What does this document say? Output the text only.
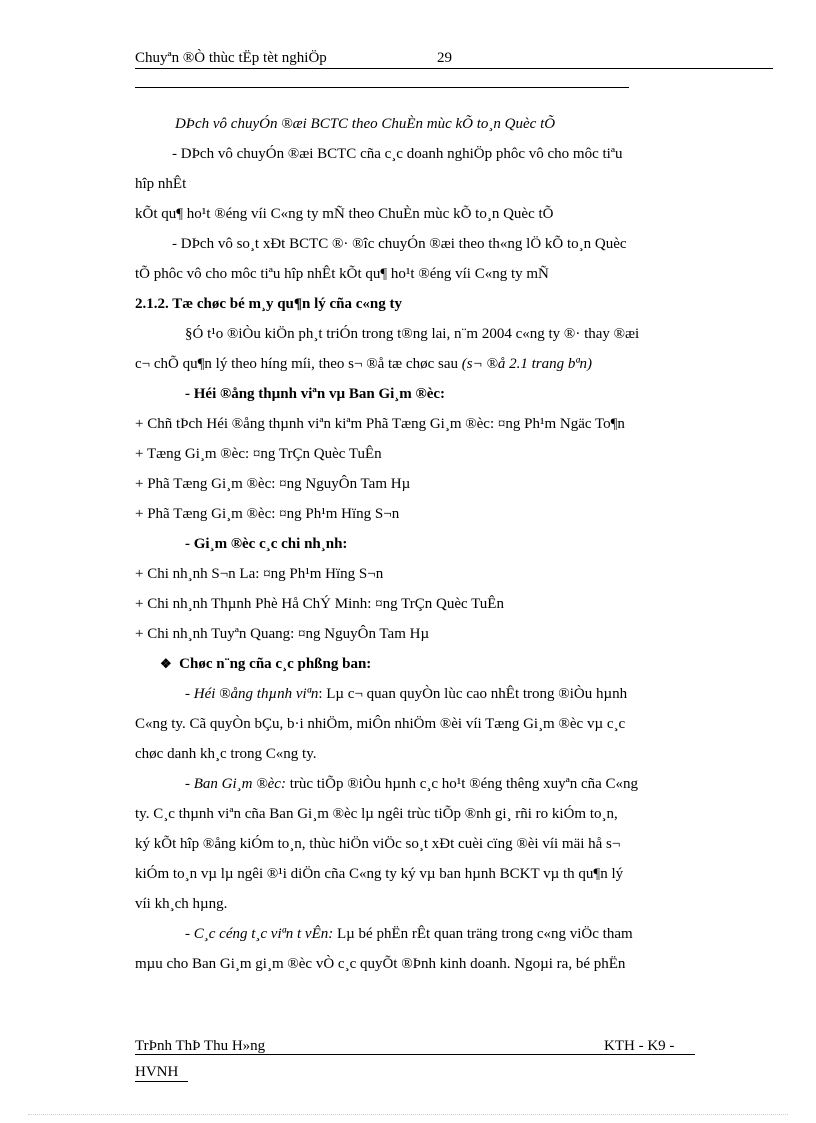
Chuyªn ®Ò thùc tËp tèt nghiÖp	29
DÞch vô chuyÓn ®æi BCTC theo ChuÈn mùc kÕ to¸n Quèc tÕ
- DÞch vô chuyÓn ®æi BCTC cña c¸c doanh nghiÖp phôc vô cho môc tiªu
hîp nhÊt
kÕt qu¶ ho¹t ®éng víi C«ng ty mÑ theo ChuÈn mùc kÕ to¸n Quèc tÕ
- DÞch vô so¸t xÐt BCTC ®· ®îc chuyÓn ®æi theo th«ng lÖ kÕ to¸n Quèc
tÕ phôc vô cho môc tiªu hîp nhÊt kÕt qu¶ ho¹t ®éng víi C«ng ty mÑ
2.1.2. Tæ chøc bé m¸y qu¶n lý cña c«ng ty
§Ó t¹o ®iÒu kiÖn ph¸t triÓn trong t®ng lai, n¨m 2004 c«ng ty ®· thay ®æi
c¬ chÕ qu¶n lý theo híng míi, theo s¬ ®å tæ chøc sau (s¬ ®å 2.1 trang bªn)
- Héi ®ång thµnh viªn vµ Ban Gi¸m ®èc:
+ Chñ tÞch Héi ®ång thµnh viªn kiªm Phã Tæng Gi¸m ®èc: ¤ng Ph¹m Ngäc To¶n
+ Tæng Gi¸m ®èc: ¤ng TrÇn Quèc TuÊn
+ Phã Tæng Gi¸m ®èc: ¤ng NguyÔn Tam Hµ
+ Phã Tæng Gi¸m ®èc: ¤ng Ph¹m Hïng S¬n
- Gi¸m ®èc c¸c chi nh¸nh:
+ Chi nh¸nh S¬n La: ¤ng Ph¹m Hïng S¬n
+ Chi nh¸nh Thµnh Phè Hå ChÝ Minh: ¤ng TrÇn Quèc TuÊn
+ Chi nh¸nh Tuyªn Quang: ¤ng NguyÔn Tam Hµ
❖ Chøc n¨ng cña c¸c phßng ban:
- Héi ®ång thµnh viªn: Lµ c¬ quan quyÒn lùc cao nhÊt trong ®iÒu hµnh
C«ng ty. Cã quyÒn bÇu, b·i nhiÖm, miÔn nhiÖm ®èi víi Tæng Gi¸m ®èc vµ c¸c
chøc danh kh¸c trong C«ng ty.
- Ban Gi¸m ®èc: trùc tiÕp ®iÒu hµnh c¸c ho¹t ®éng thêng xuyªn cña C«ng
ty. C¸c thµnh viªn cña Ban Gi¸m ®èc lµ ngêi trùc tiÕp ®nh gi¸ rñi ro kiÓm to¸n,
ký kÕt hîp ®ång kiÓm to¸n, thùc hiÖn viÖc so¸t xÐt cuèi cïng ®èi víi mäi hå s¬
kiÓm to¸n vµ lµ ngêi ®¹i diÖn cña C«ng ty ký vµ ban hµnh BCKT vµ th qu¶n lý
víi kh¸ch hµng.
- C¸c céng t¸c viªn t vÊn: Lµ bé phËn rÊt quan träng trong c«ng viÖc tham
mµu cho Ban Gi¸m gi¸m ®èc vÒ c¸c quyÕt ®Þnh kinh doanh. Ngoµi ra, bé phËn
TrÞnh ThÞ Thu H»ng	KTH - K9 -
HVNH
